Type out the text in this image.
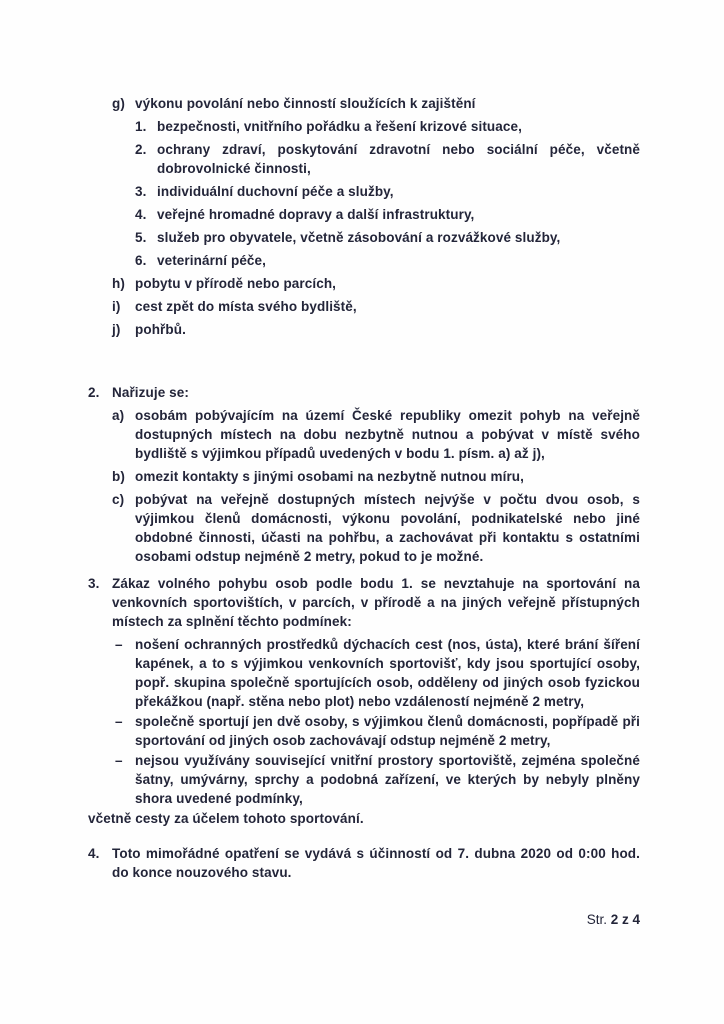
g) výkonu povolání nebo činností sloužících k zajištění
1. bezpečnosti, vnitřního pořádku a řešení krizové situace,
2. ochrany zdraví, poskytování zdravotní nebo sociální péče, včetně dobrovolnické činnosti,
3. individuální duchovní péče a služby,
4. veřejné hromadné dopravy a další infrastruktury,
5. služeb pro obyvatele, včetně zásobování a rozvážkové služby,
6. veterinární péče,
h) pobytu v přírodě nebo parcích,
i)	cest zpět do místa svého bydliště,
j)	pohřbů.
2. Nařizuje se:
a) osobám pobývajícím na území České republiky omezit pohyb na veřejně dostupných místech na dobu nezbytně nutnou a pobývat v místě svého bydliště s výjimkou případů uvedených v bodu 1. písm. a) až j),
b) omezit kontakty s jinými osobami na nezbytně nutnou míru,
c) pobývat na veřejně dostupných místech nejvýše v počtu dvou osob, s výjimkou členů domácnosti, výkonu povolání, podnikatelské nebo jiné obdobné činnosti, účasti na pohřbu, a zachovávat při kontaktu s ostatními osobami odstup nejméně 2 metry, pokud to je možné.
3. Zákaz volného pohybu osob podle bodu 1. se nevztahuje na sportování na venkovních sportovištích, v parcích, v přírodě a na jiných veřejně přístupných místech za splnění těchto podmínek:
– nošení ochranných prostředků dýchacích cest (nos, ústa), které brání šíření kapének, a to s výjimkou venkovních sportovišť, kdy jsou sportující osoby, popř. skupina společně sportujících osob, odděleny od jiných osob fyzickou překážkou (např. stěna nebo plot) nebo vzdáleností nejméně 2 metry,
– společně sportují jen dvě osoby, s výjimkou členů domácnosti, popřípadě při sportování od jiných osob zachovávají odstup nejméně 2 metry,
– nejsou využívány související vnitřní prostory sportoviště, zejména společné šatny, umývárny, sprchy a podobná zařízení, ve kterých by nebyly plněny shora uvedené podmínky,
včetně cesty za účelem tohoto sportování.
4. Toto mimořádné opatření se vydává s účinností od 7. dubna 2020 od 0:00 hod. do konce nouzového stavu.
Str. 2 z 4
